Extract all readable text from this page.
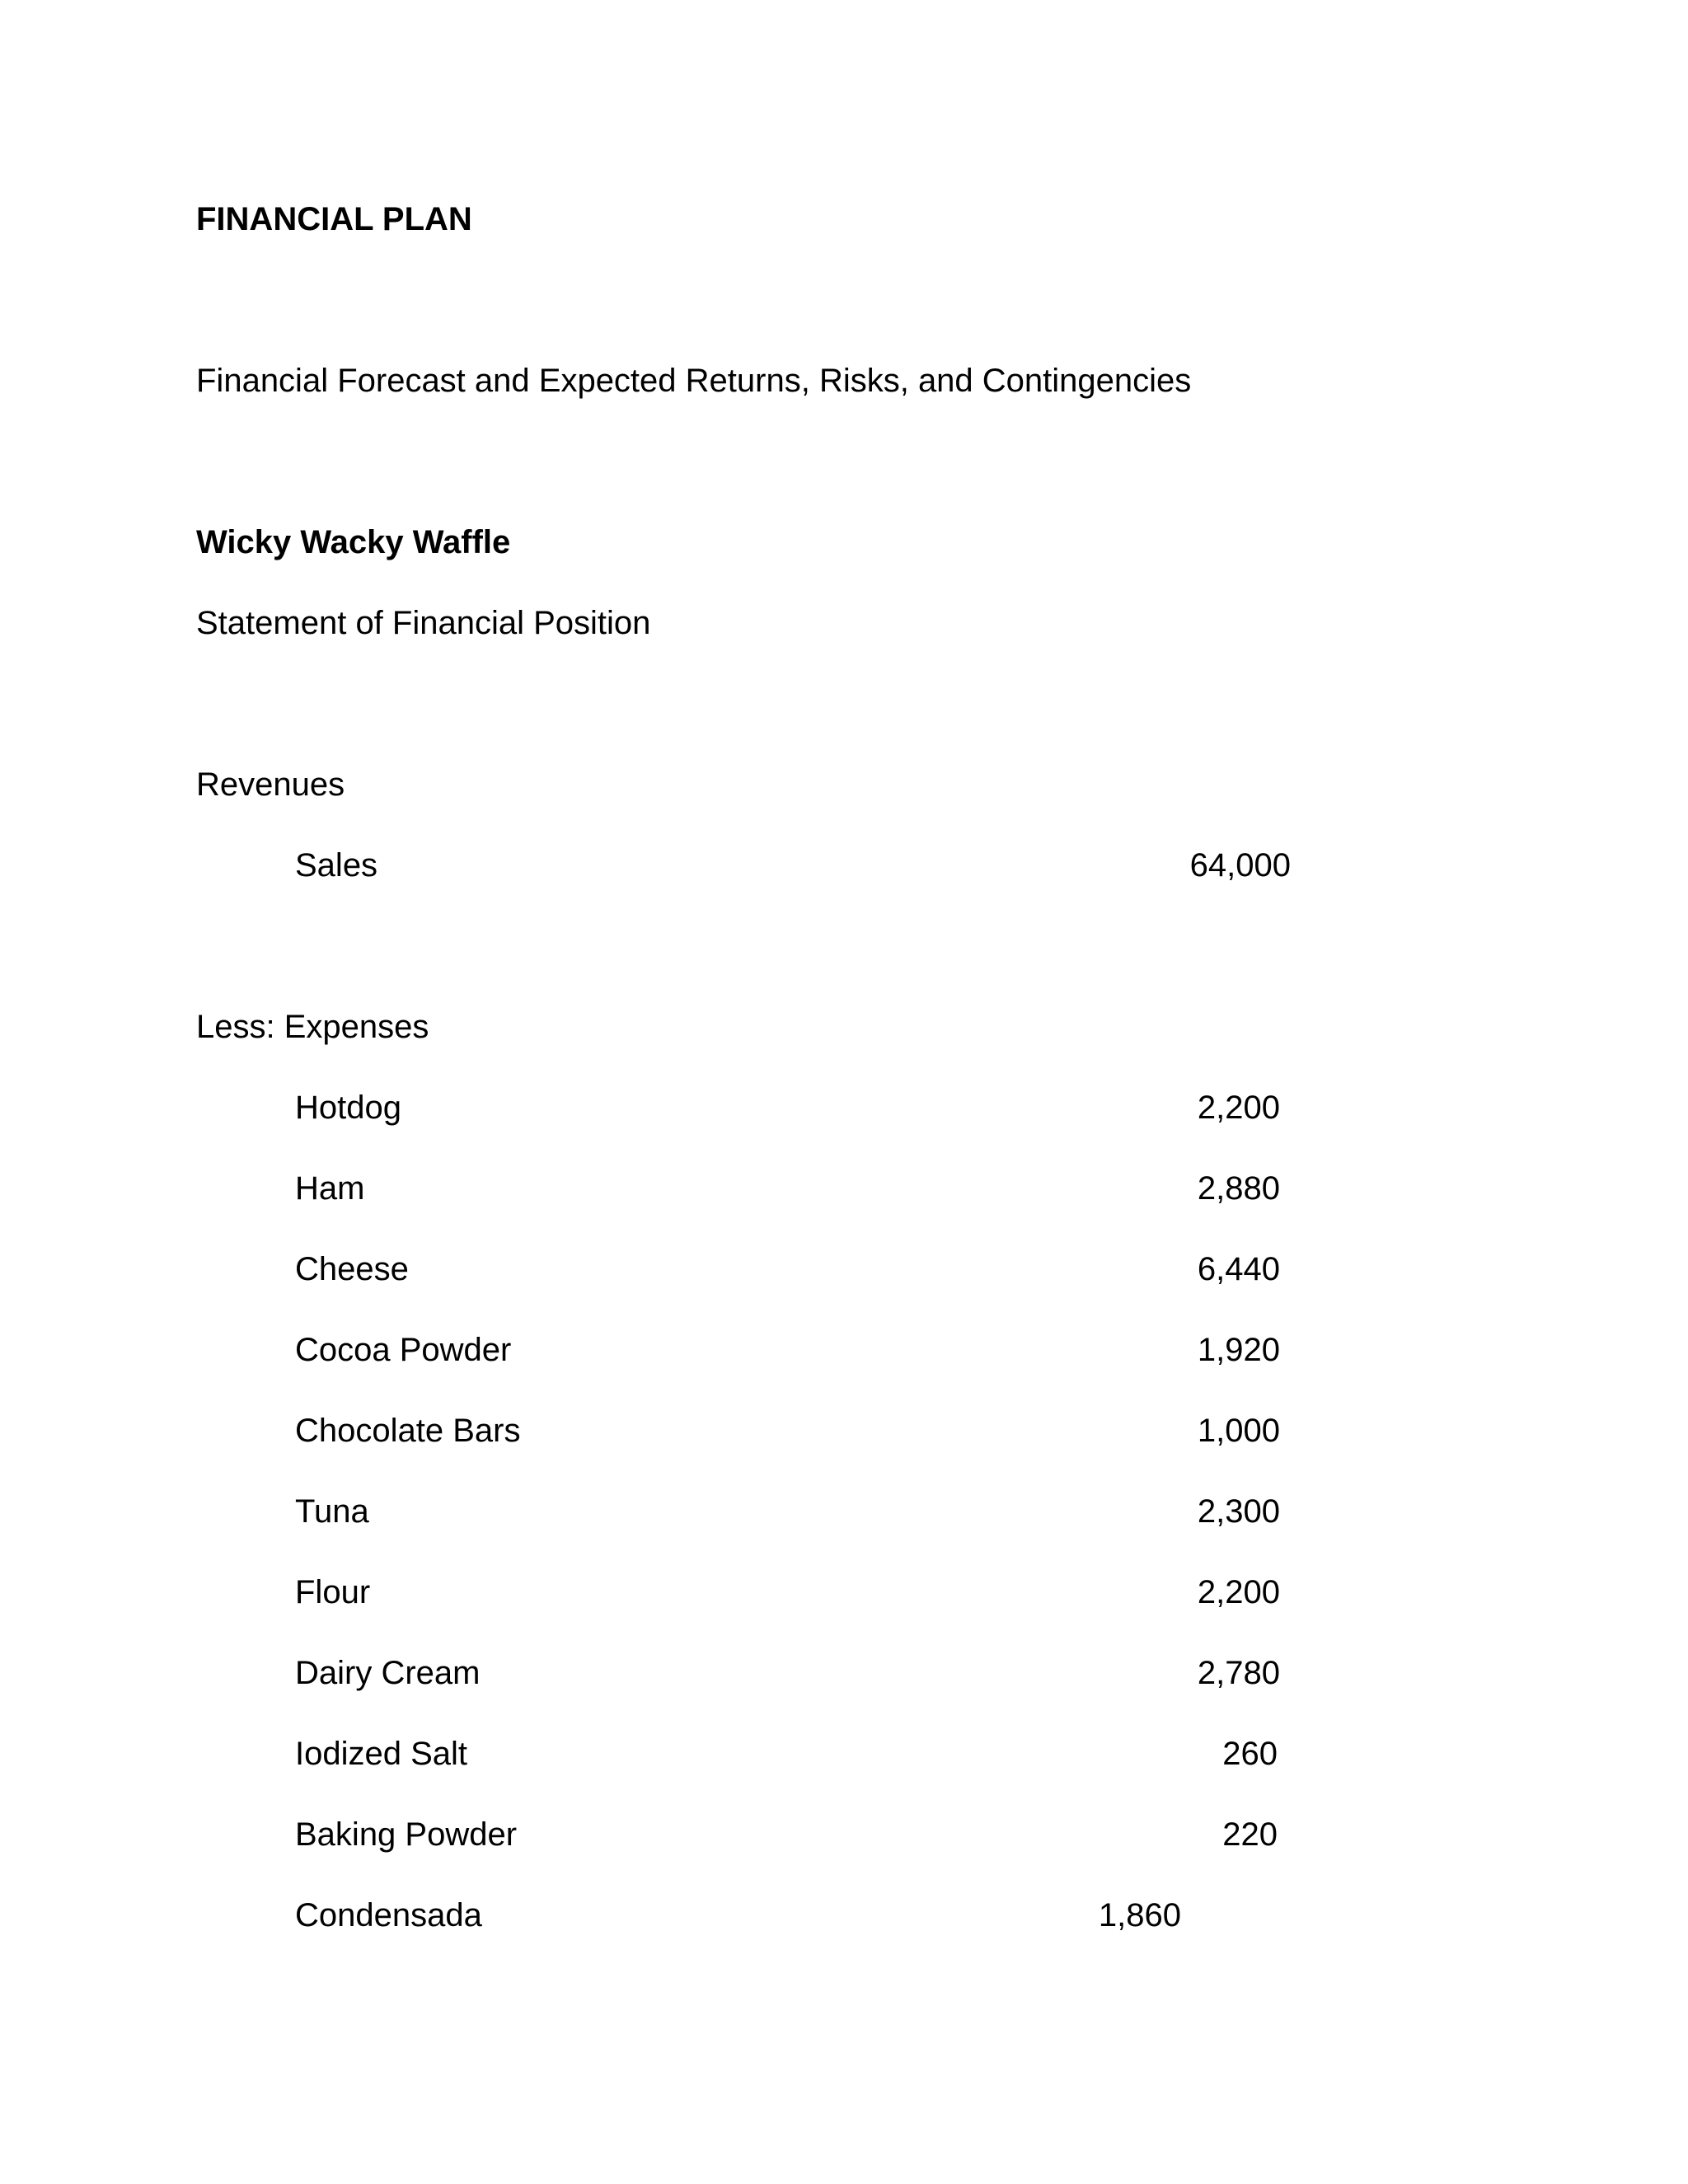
FINANCIAL PLAN
Financial Forecast and Expected Returns, Risks, and Contingencies
Wicky Wacky Waffle
Statement of Financial Position
Revenues
Sales	64,000
Less: Expenses
Hotdog	2,200
Ham	2,880
Cheese	6,440
Cocoa Powder	1,920
Chocolate Bars	1,000
Tuna	2,300
Flour	2,200
Dairy Cream	2,780
Iodized Salt	260
Baking Powder	220
Condensada	1,860
